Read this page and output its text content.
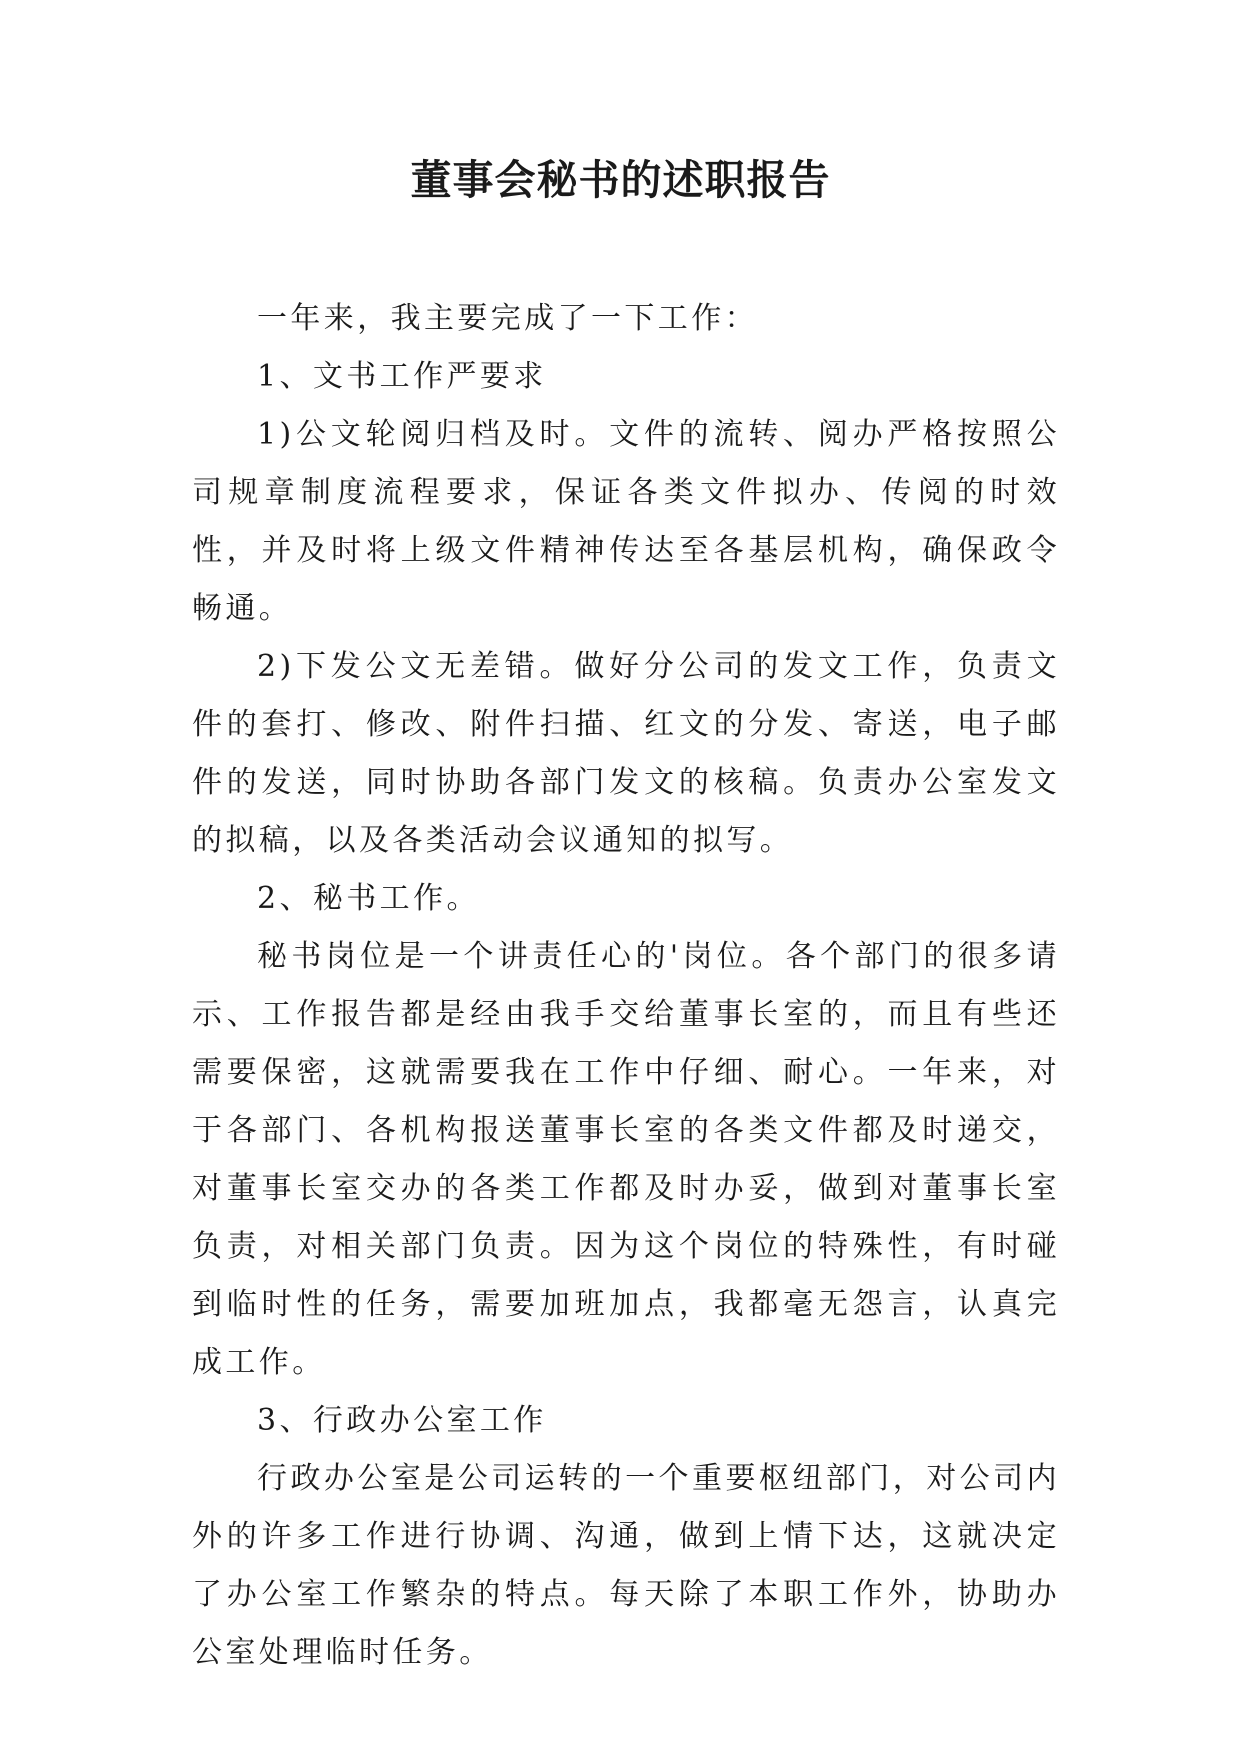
董事会秘书的述职报告

一年来，我主要完成了一下工作：

1、文书工作严要求

1)公文轮阅归档及时。文件的流转、阅办严格按照公司规章制度流程要求，保证各类文件拟办、传阅的时效性，并及时将上级文件精神传达至各基层机构，确保政令畅通。

2)下发公文无差错。做好分公司的发文工作，负责文件的套打、修改、附件扫描、红文的分发、寄送，电子邮件的发送，同时协助各部门发文的核稿。负责办公室发文的拟稿，以及各类活动会议通知的拟写。

2、秘书工作。

秘书岗位是一个讲责任心的'岗位。各个部门的很多请示、工作报告都是经由我手交给董事长室的，而且有些还需要保密，这就需要我在工作中仔细、耐心。一年来，对于各部门、各机构报送董事长室的各类文件都及时递交，对董事长室交办的各类工作都及时办妥，做到对董事长室负责，对相关部门负责。因为这个岗位的特殊性，有时碰到临时性的任务，需要加班加点，我都毫无怨言，认真完成工作。

3、行政办公室工作

行政办公室是公司运转的一个重要枢纽部门，对公司内外的许多工作进行协调、沟通，做到上情下达，这就决定了办公室工作繁杂的特点。每天除了本职工作外，协助办公室处理临时任务。
